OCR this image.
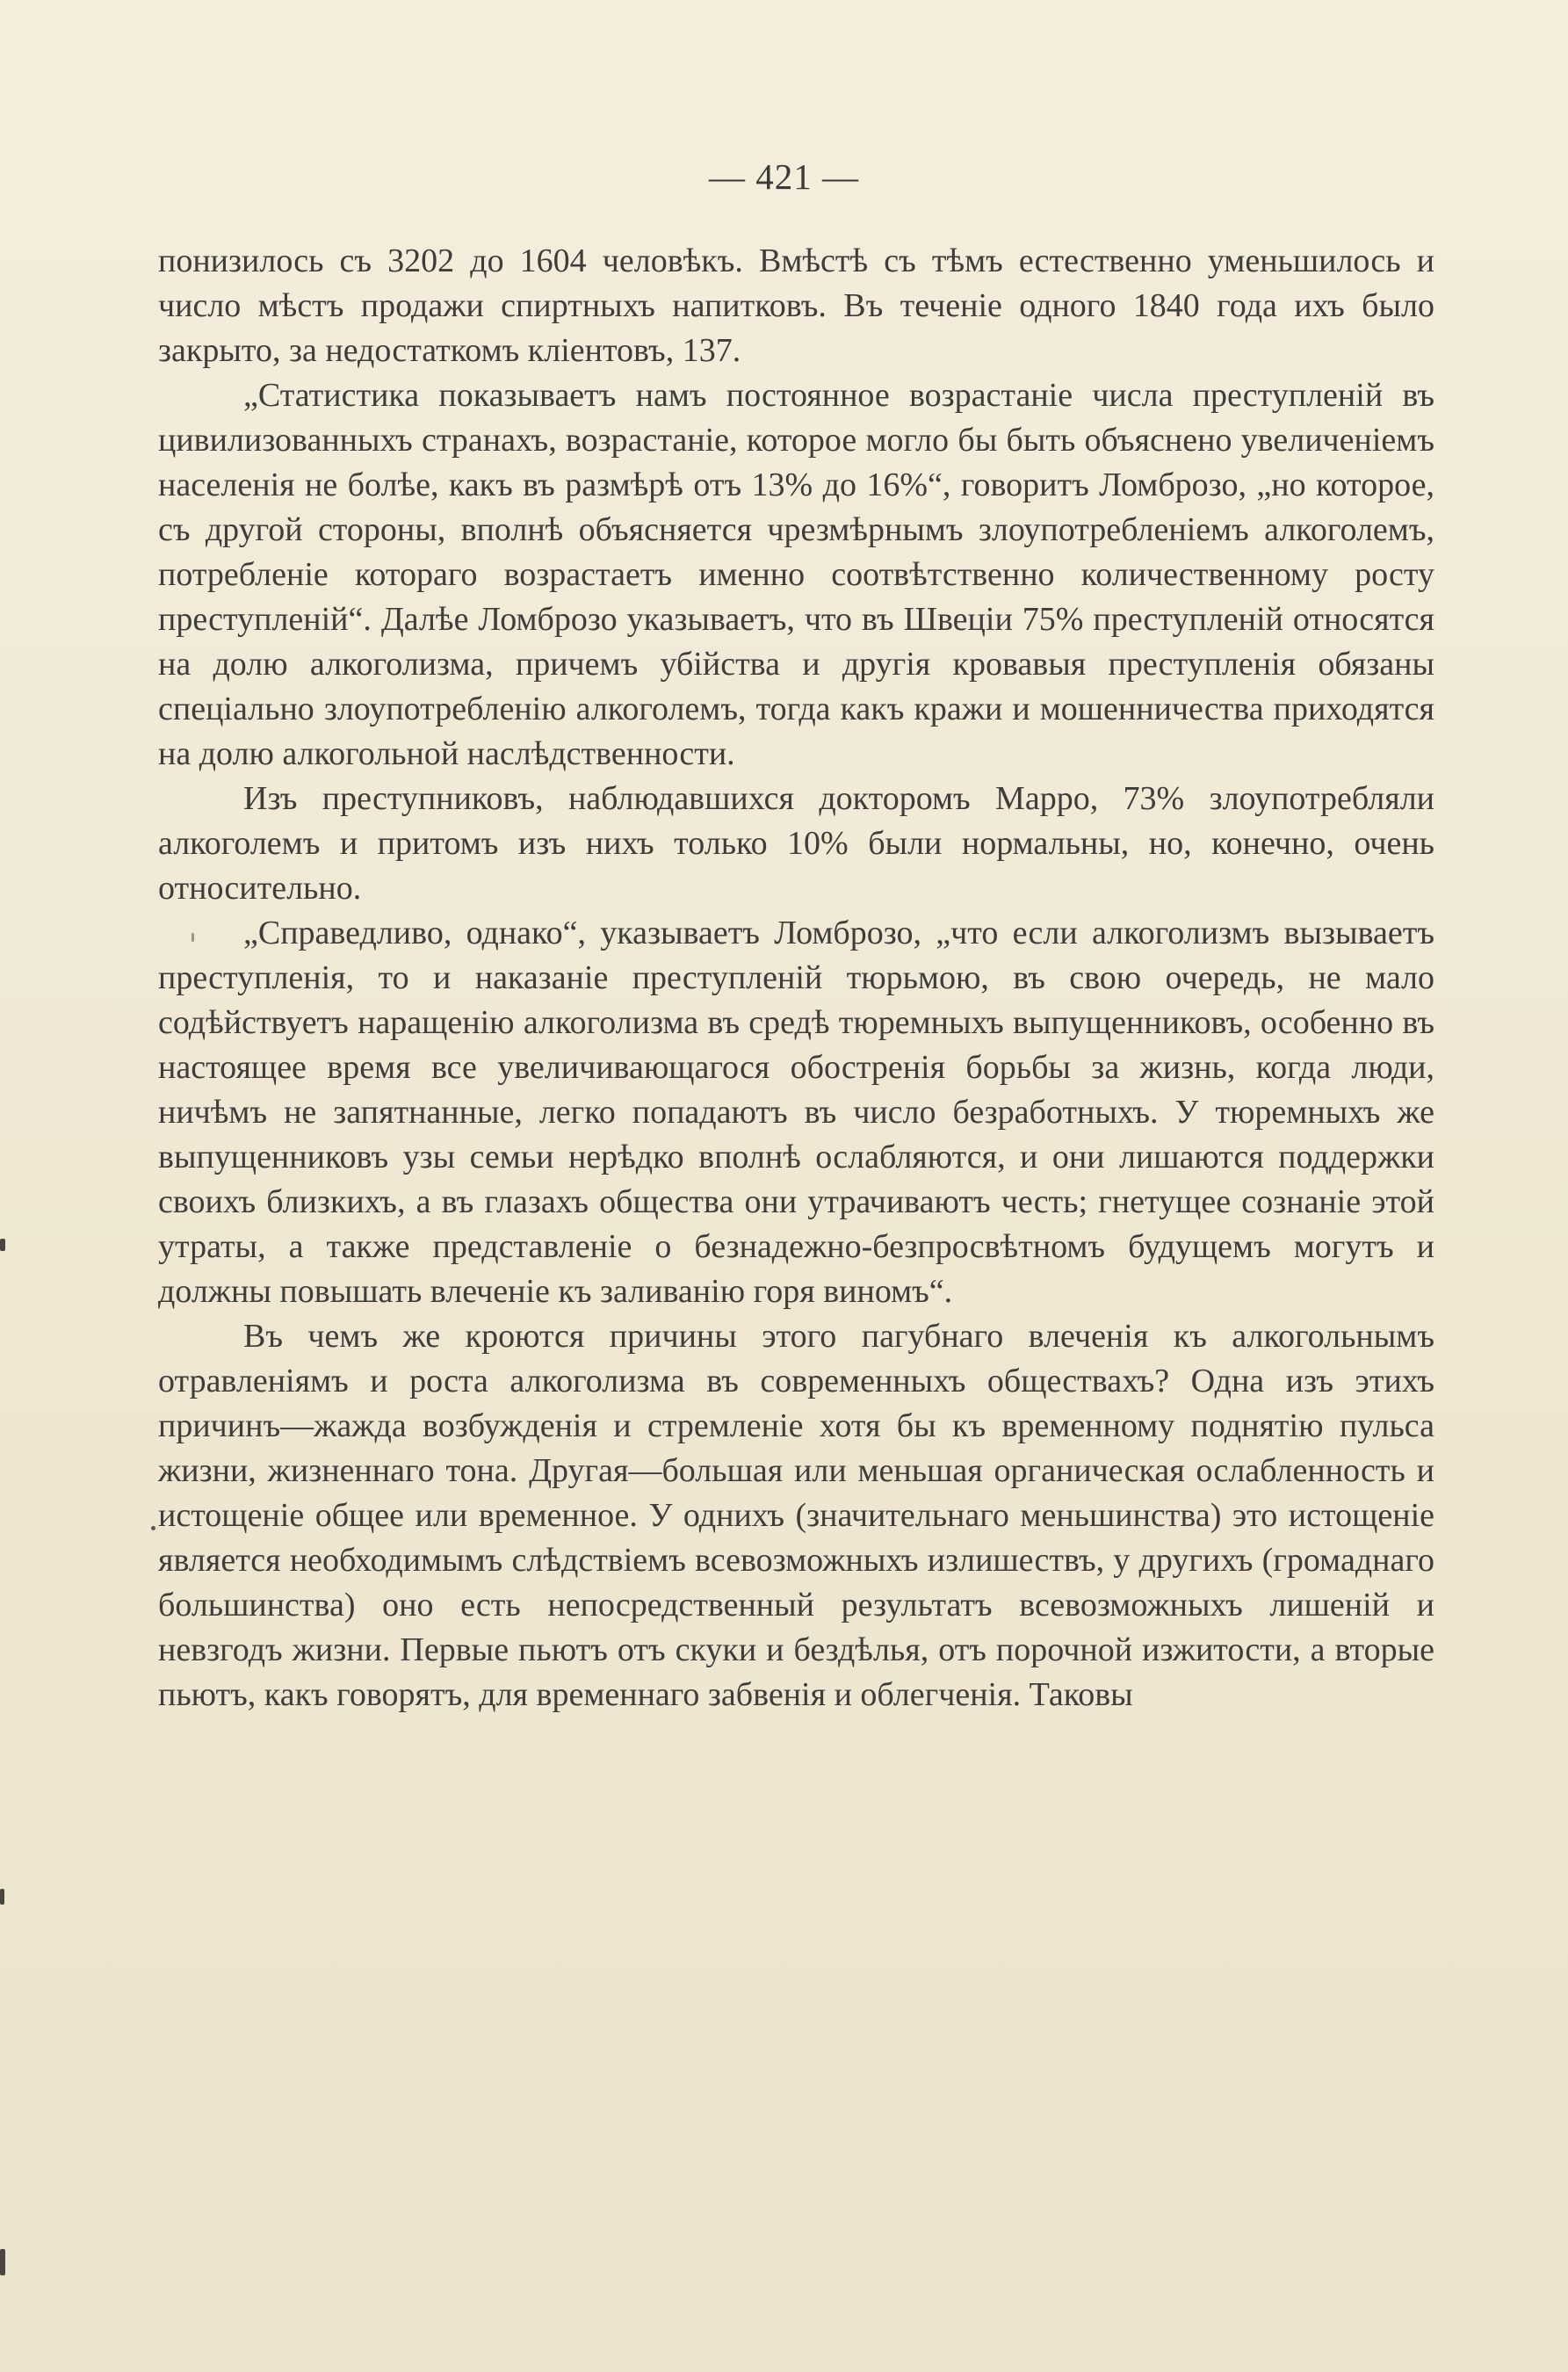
— 421 —

понизилось съ 3202 до 1604 человѣкъ. Вмѣстѣ съ тѣмъ естественно уменьшилось и число мѣстъ продажи спиртныхъ напитковъ. Въ теченіе одного 1840 года ихъ было закрыто, за недостаткомъ кліентовъ, 137.

„Статистика показываетъ намъ постоянное возрастаніе числа преступленій въ цивилизованныхъ странахъ, возрастаніе, которое могло бы быть объяснено увеличеніемъ населенія не болѣе, какъ въ размѣрѣ отъ 13% до 16%“, говоритъ Ломброзо, „но которое, съ другой стороны, вполнѣ объясняется чрезмѣрнымъ злоупотребленіемъ алкоголемъ, потребленіе котораго возрастаетъ именно соотвѣтственно количественному росту преступленій“. Далѣе Ломброзо указываетъ, что въ Швеціи 75% преступленій относятся на долю алкоголизма, причемъ убійства и другія кровавыя преступленія обязаны спеціально злоупотребленію алкоголемъ, тогда какъ кражи и мошенничества приходятся на долю алкогольной наслѣдственности.

Изъ преступниковъ, наблюдавшихся докторомъ Марро, 73% злоупотребляли алкоголемъ и притомъ изъ нихъ только 10% были нормальны, но, конечно, очень относительно.

„Справедливо, однако“, указываетъ Ломброзо, „что если алкоголизмъ вызываетъ преступленія, то и наказаніе преступленій тюрьмою, въ свою очередь, не мало содѣйствуетъ наращенію алкоголизма въ средѣ тюремныхъ выпущенниковъ, особенно въ настоящее время все увеличивающагося обостренія борьбы за жизнь, когда люди, ничѣмъ не запятнанные, легко попадаютъ въ число безработныхъ. У тюремныхъ же выпущенниковъ узы семьи нерѣдко вполнѣ ослабляются, и они лишаются поддержки своихъ близкихъ, а въ глазахъ общества они утрачиваютъ честь; гнетущее сознаніе этой утраты, а также представленіе о безнадежно-безпросвѣтномъ будущемъ могутъ и должны повышать влеченіе къ заливанію горя виномъ“.

Въ чемъ же кроются причины этого пагубнаго влеченія къ алкогольнымъ отравленіямъ и роста алкоголизма въ современныхъ обществахъ? Одна изъ этихъ причинъ—жажда возбужденія и стремленіе хотя бы къ временному поднятію пульса жизни, жизненнаго тона. Другая—большая или меньшая органическая ослабленность и истощеніе общее или временное. У однихъ (значительнаго меньшинства) это истощеніе является необходимымъ слѣдствіемъ всевозможныхъ излишествъ, у другихъ (громаднаго большинства) оно есть непосредственный результатъ всевозможныхъ лишеній и невзгодъ жизни. Первые пьютъ отъ скуки и бездѣлья, отъ порочной изжитости, а вторые пьютъ, какъ говорятъ, для временнаго забвенія и облегченія. Таковы
